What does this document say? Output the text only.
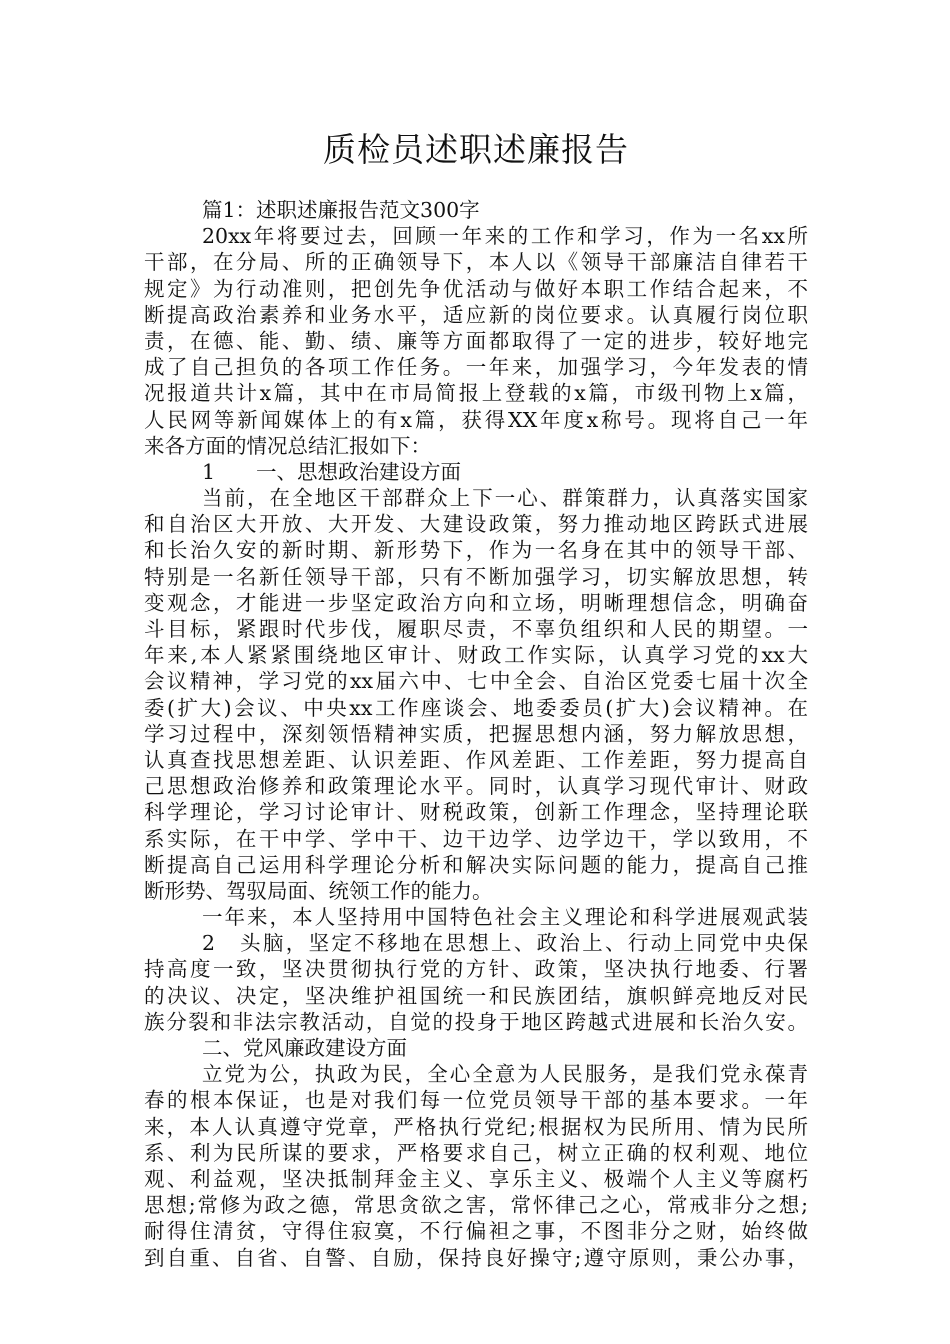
质检员述职述廉报告
篇1：述职述廉报告范文300字
20xx年将要过去，回顾一年来的工作和学习，作为一名xx所
干部，在分局、所的正确领导下，本人以《领导干部廉洁自律若干
规定》为行动准则，把创先争优活动与做好本职工作结合起来，不
断提高政治素养和业务水平，适应新的岗位要求。认真履行岗位职
责，在德、能、勤、绩、廉等方面都取得了一定的进步，较好地完
成了自己担负的各项工作任务。一年来，加强学习，今年发表的情
况报道共计x篇，其中在市局简报上登载的x篇，市级刊物上x篇，
人民网等新闻媒体上的有x篇，获得XX年度x称号。现将自己一年
来各方面的情况总结汇报如下：
1　　一、思想政治建设方面
当前，在全地区干部群众上下一心、群策群力，认真落实国家
和自治区大开放、大开发、大建设政策，努力推动地区跨跃式进展
和长治久安的新时期、新形势下，作为一名身在其中的领导干部、
特别是一名新任领导干部，只有不断加强学习，切实解放思想，转
变观念，才能进一步坚定政治方向和立场，明晰理想信念，明确奋
斗目标，紧跟时代步伐，履职尽责，不辜负组织和人民的期望。一
年来,本人紧紧围绕地区审计、财政工作实际，认真学习党的xx大
会议精神，学习党的xx届六中、七中全会、自治区党委七届十次全
委(扩大)会议、中央xx工作座谈会、地委委员(扩大)会议精神。在
学习过程中，深刻领悟精神实质，把握思想内涵，努力解放思想，
认真查找思想差距、认识差距、作风差距、工作差距，努力提高自
己思想政治修养和政策理论水平。同时，认真学习现代审计、财政
科学理论，学习讨论审计、财税政策，创新工作理念，坚持理论联
系实际，在干中学、学中干、边干边学、边学边干，学以致用，不
断提高自己运用科学理论分析和解决实际问题的能力，提高自己推
断形势、驾驭局面、统领工作的能力。
一年来，本人坚持用中国特色社会主义理论和科学进展观武装
2　头脑，坚定不移地在思想上、政治上、行动上同党中央保
持高度一致，坚决贯彻执行党的方针、政策，坚决执行地委、行署
的决议、决定，坚决维护祖国统一和民族团结，旗帜鲜亮地反对民
族分裂和非法宗教活动，自觉的投身于地区跨越式进展和长治久安。
二、党风廉政建设方面
立党为公，执政为民，全心全意为人民服务，是我们党永葆青
春的根本保证，也是对我们每一位党员领导干部的基本要求。一年
来，本人认真遵守党章，严格执行党纪;根据权为民所用、情为民所
系、利为民所谋的要求，严格要求自己，树立正确的权利观、地位
观、利益观，坚决抵制拜金主义、享乐主义、极端个人主义等腐朽
思想;常修为政之德，常思贪欲之害，常怀律己之心，常戒非分之想;
耐得住清贫，守得住寂寞，不行偏袒之事，不图非分之财，始终做
到自重、自省、自警、自励，保持良好操守;遵守原则，秉公办事，
